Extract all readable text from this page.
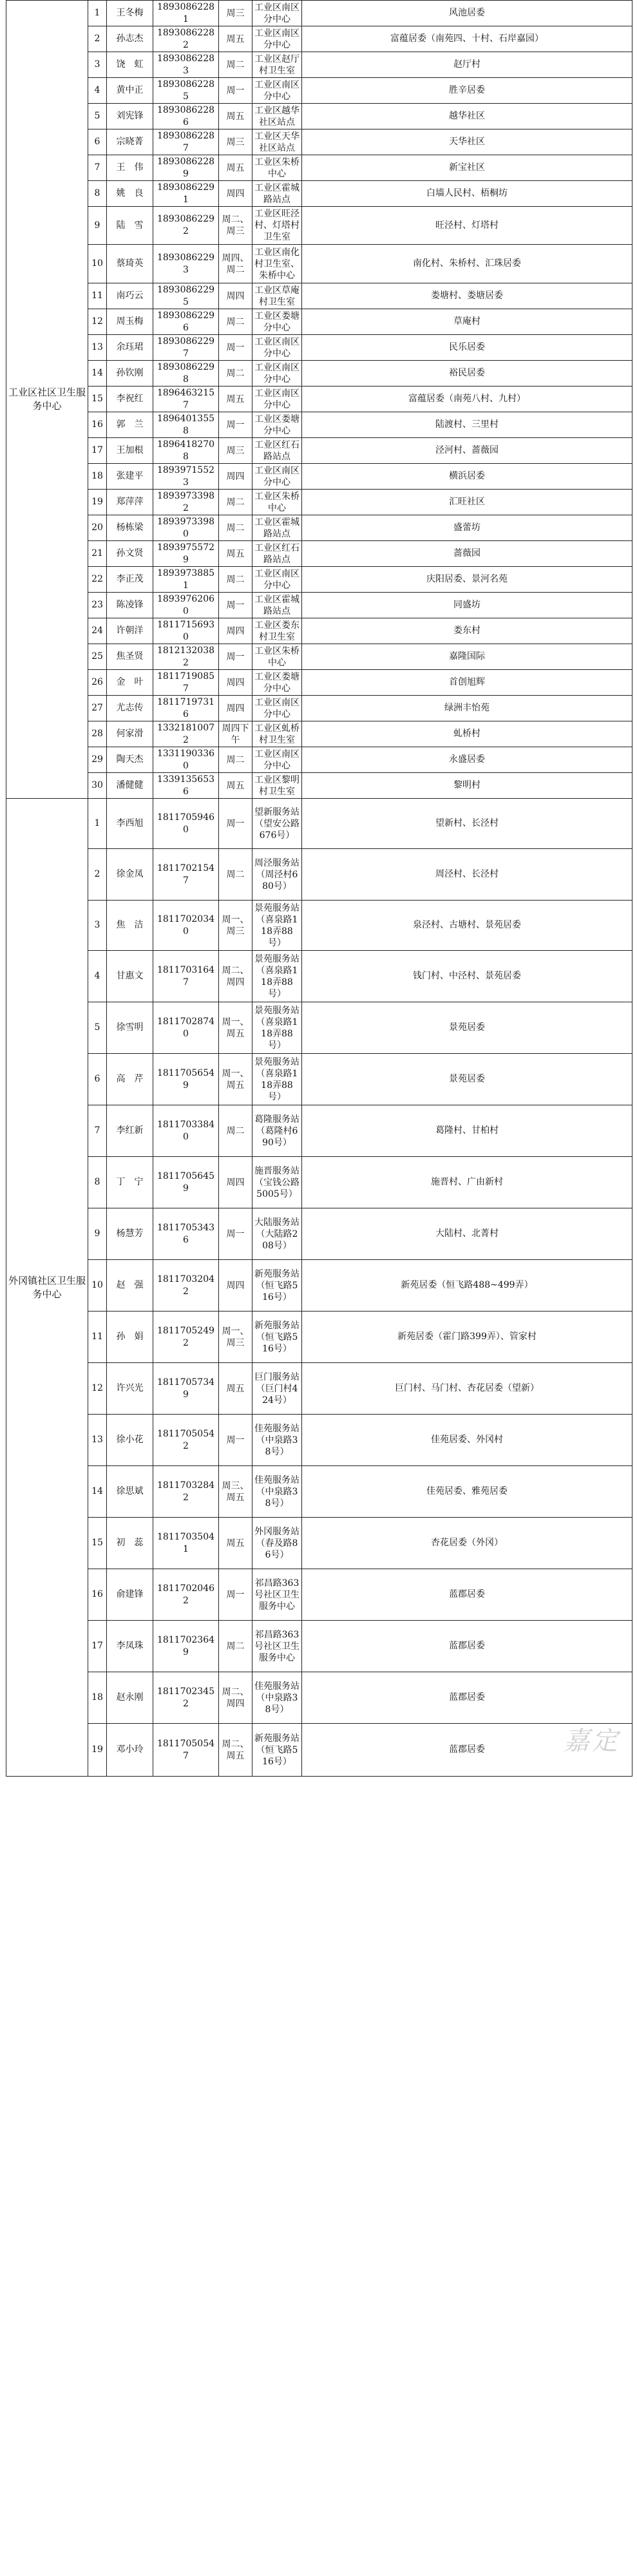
工业区社区卫生服务中心	1	王冬梅	18930862281	周三	工业区南区分中心	风池居委
	2	孙志杰	18930862282	周五	工业区南区分中心	富蕴居委（南苑四、十村、石岸嘉园）
	3	饶　虹	18930862283	周二	工业区赵厅村卫生室	赵厅村
	4	黄中正	18930862285	周一	工业区南区分中心	胜辛居委
	5	刘宪锋	18930862286	周五	工业区越华社区站点	越华社区
	6	宗晓菁	18930862287	周三	工业区天华社区站点	天华社区
	7	王　伟	18930862289	周五	工业区朱桥中心	新宝社区
	8	姚　良	18930862291	周四	工业区霍城路站点	白墙人民村、梧桐坊
	9	陆　雪	18930862292	周二、周三	工业区旺泾村、灯塔村卫生室	旺泾村、灯塔村
	10	蔡琦英	18930862293	周四、周二	工业区南化村卫生室、朱桥中心	南化村、朱桥村、汇珠居委
	11	南巧云	18930862295	周四	工业区草庵村卫生室	娄塘村、娄塘居委
	12	周玉梅	18930862296	周二	工业区娄塘分中心	草庵村
	13	余珏珺	18930862297	周一	工业区南区分中心	民乐居委
	14	孙钦刚	18930862298	周二	工业区南区分中心	裕民居委
	15	李祝红	18964632157	周五	工业区南区分中心	富蕴居委（南苑八村、九村）
	16	郭　兰	18964013558	周一	工业区娄塘分中心	陆渡村、三里村
	17	王加根	18964182708	周三	工业区红石路站点	泾河村、蔷薇园
	18	张建平	18939715523	周四	工业区南区分中心	横浜居委
	19	郑萍萍	18939733982	周二	工业区朱桥中心	汇旺社区
	20	杨栋梁	18939733980	周二	工业区霍城路站点	盛蕾坊
	21	孙文贤	18939755729	周五	工业区红石路站点	蔷薇园
	22	李正茂	18939738851	周二	工业区南区分中心	庆阳居委、景河名苑
	23	陈凌锋	18939762060	周一	工业区霍城路站点	同盛坊
	24	许朝洋	18117156930	周四	工业区娄东村卫生室	娄东村
	25	焦圣贤	18121320382	周一	工业区朱桥中心	嘉隆国际
	26	金　叶	18117190857	周四	工业区娄塘分中心	首创旭辉
	27	尤志传	18117197316	周四	工业区南区分中心	绿洲丰怡苑
	28	何家滑	13321810072	周四下午	工业区虬桥村卫生室	虬桥村
	29	陶天杰	13311903360	周二	工业区南区分中心	永盛居委
	30	潘健健	13391356536	周五	工业区黎明村卫生室	黎明村
外冈镇社区卫生服务中心	1	李西旭	18117059460	周一	望新服务站（望安公路676号）	望新村、长泾村
	2	徐金凤	18117021547	周二	周泾服务站（周泾村680号）	周泾村、长泾村
	3	焦　洁	18117020340	周一、周三	景苑服务站（喜泉路118弄88号）	泉泾村、古塘村、景苑居委
	4	甘惠文	18117031647	周二、周四	景苑服务站（喜泉路118弄88号）	钱门村、中泾村、景苑居委
	5	徐雪明	18117028740	周一、周五	景苑服务站（喜泉路118弄88号）	景苑居委
	6	高　芹	18117056549	周一、周五	景苑服务站（喜泉路118弄88号）	景苑居委
	7	李红新	18117033840	周二	葛隆服务站（葛隆村690号）	葛隆村、甘柏村
	8	丁　宁	18117056459	周四	施晋服务站（宝钱公路5005号）	施晋村、广由新村
	9	杨慧芳	18117053436	周一	大陆服务站（大陆路208号）	大陆村、北菁村
	10	赵　强	18117032042	周四	新苑服务站（恒飞路516号）	新苑居委（恒飞路488~499弄）
	11	孙　娟	18117052492	周一、周三	新苑服务站（恒飞路516号）	新苑居委（霍门路399弄）、管家村
	12	许兴光	18117057349	周五	巨门服务站（巨门村424号）	巨门村、马门村、杏花居委（望新）
	13	徐小花	18117050542	周一	佳苑服务站（中泉路38号）	佳苑居委、外冈村
	14	徐思斌	18117032842	周三、周五	佳苑服务站（中泉路38号）	佳苑居委、雅苑居委
	15	初　蕊	18117035041	周五	外冈服务站（春及路86号）	杏花居委（外冈）
	16	俞建锋	18117020462	周一	祁昌路363号社区卫生服务中心	蓝郡居委
	17	李凤珠	18117023649	周二	祁昌路363号社区卫生服务中心	蓝郡居委
	18	赵永刚	18117023452	周二、周四	佳苑服务站（中泉路38号）	蓝郡居委
	19	邓小玲	18117050547	周二、周五	新苑服务站（恒飞路516号）	蓝郡居委	嘉定
